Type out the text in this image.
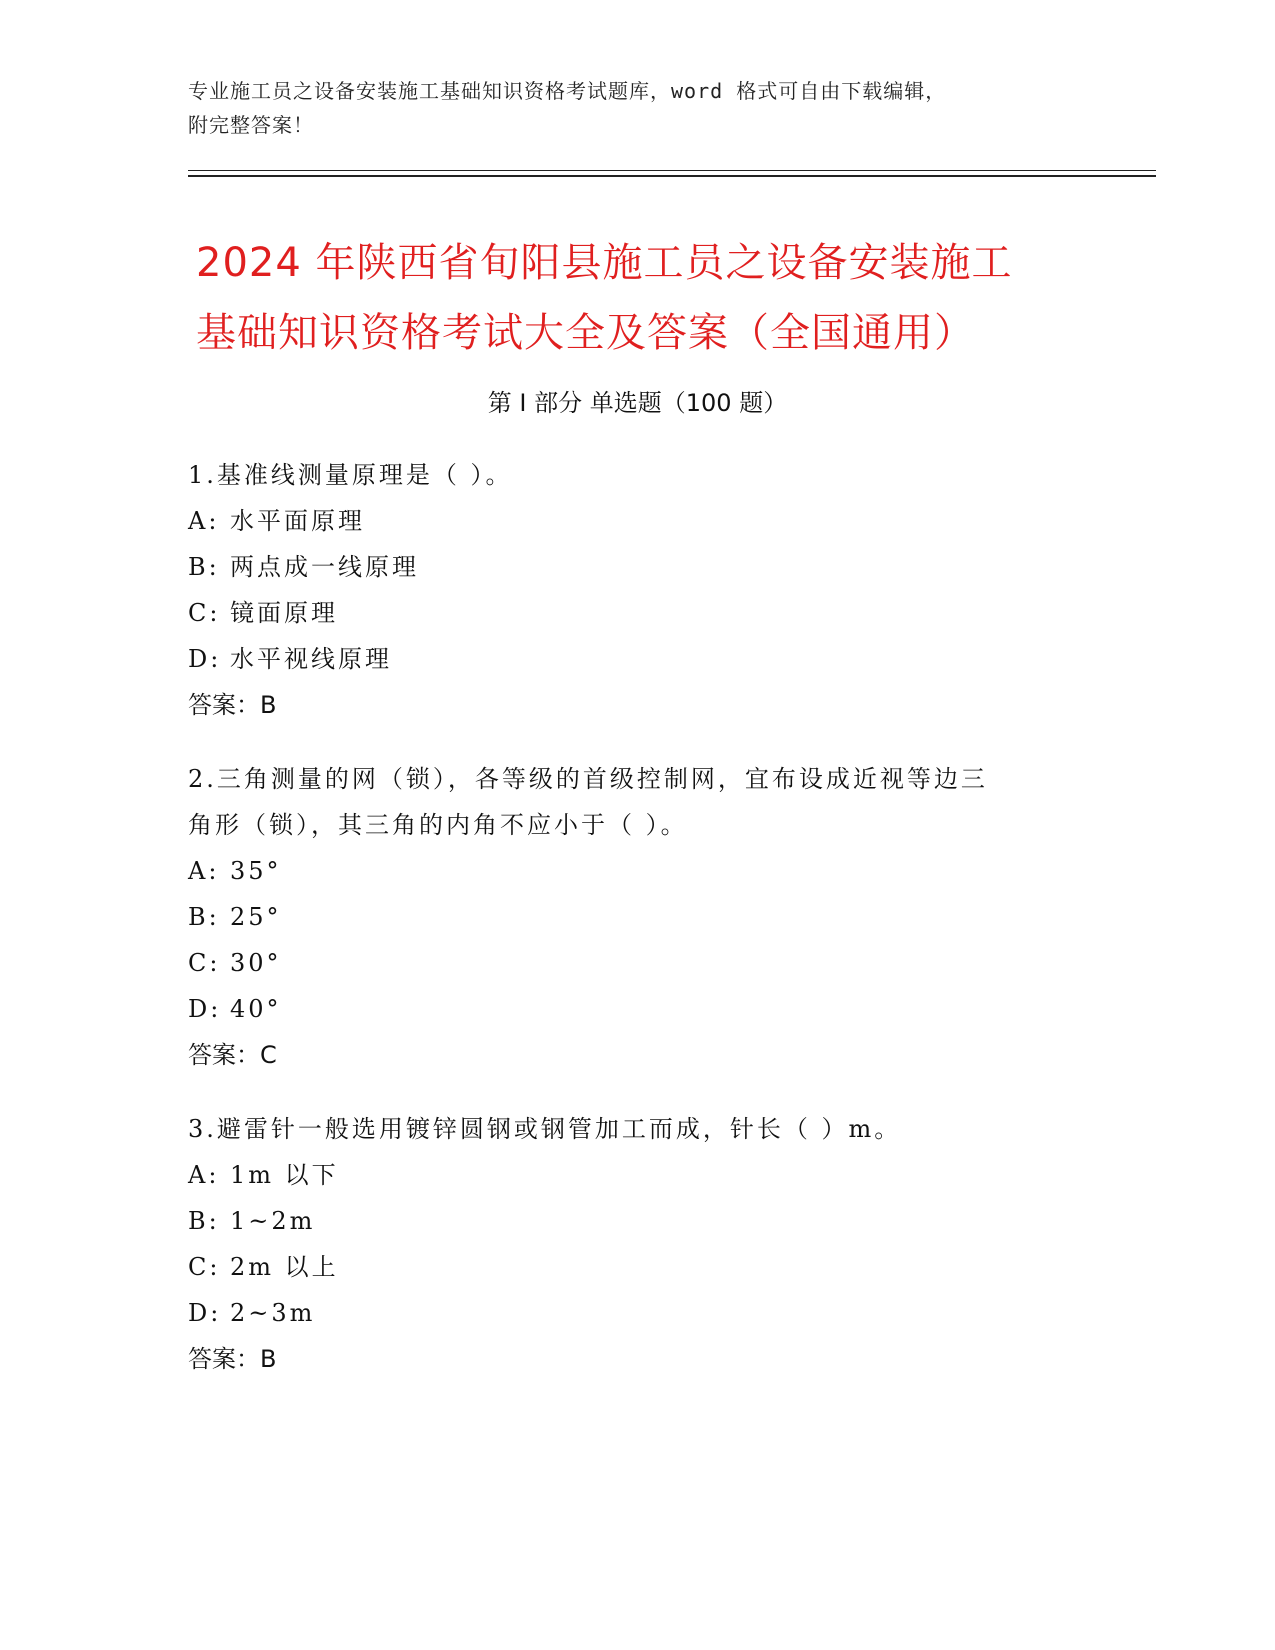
专业施工员之设备安装施工基础知识资格考试题库，word 格式可自由下载编辑，
附完整答案！
2024 年陕西省旬阳县施工员之设备安装施工
基础知识资格考试大全及答案（全国通用）
第 I 部分 单选题（100 题）
1.基准线测量原理是（ ）。
A: 水平面原理
B: 两点成一线原理
C: 镜面原理
D: 水平视线原理
答案：B
2.三角测量的网（锁），各等级的首级控制网，宜布设成近视等边三
角形（锁），其三角的内角不应小于（ ）。
A: 35°
B: 25°
C: 30°
D: 40°
答案：C
3.避雷针一般选用镀锌圆钢或钢管加工而成，针长（ ）m。
A: 1m 以下
B: 1~2m
C: 2m 以上
D: 2~3m
答案：B
